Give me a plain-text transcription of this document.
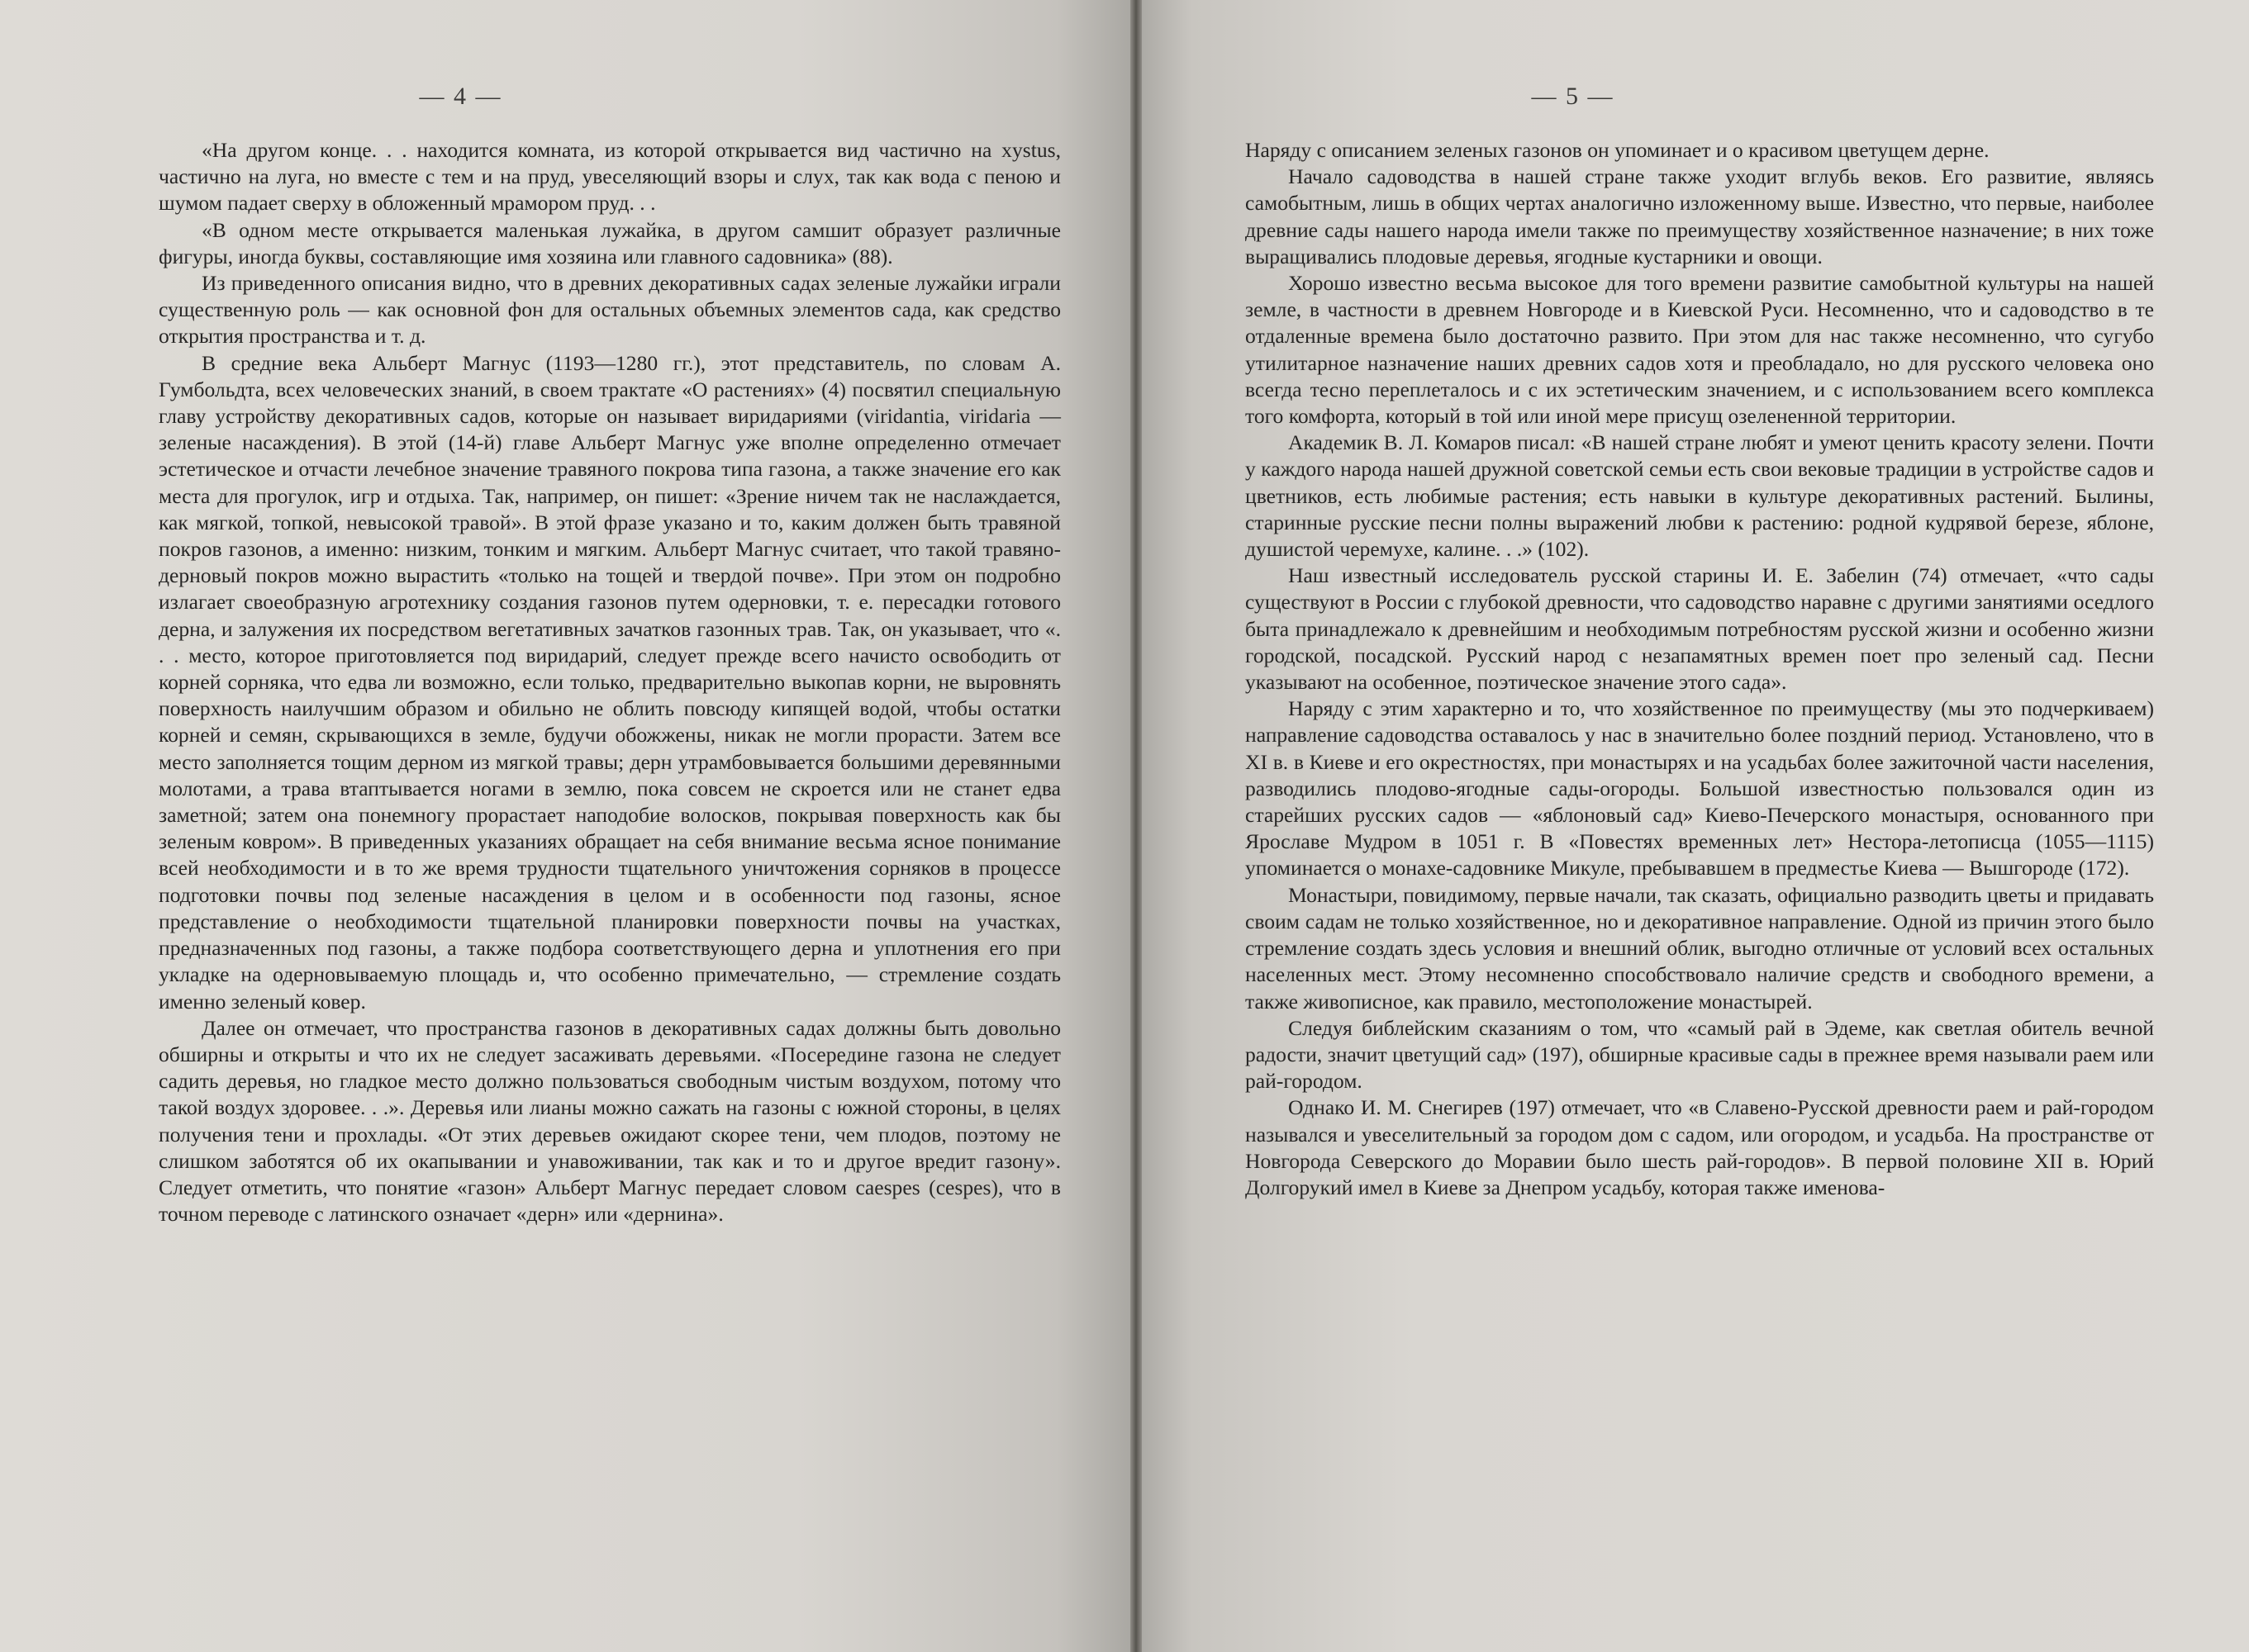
— 4 —

«На другом конце. . . находится комната, из которой открывается вид частично на xystus, частично на луга, но вместе с тем и на пруд, увеселяющий взоры и слух, так как вода с пеною и шумом падает сверху в обложенный мрамором пруд. . .

«В одном месте открывается маленькая лужайка, в другом самшит образует различные фигуры, иногда буквы, составляющие имя хозяина или главного садовника» (88).

Из приведенного описания видно, что в древних декоративных садах зеленые лужайки играли существенную роль — как основной фон для остальных объемных элементов сада, как средство открытия пространства и т. д.

В средние века Альберт Магнус (1193—1280 гг.), этот представитель, по словам А. Гумбольдта, всех человеческих знаний, в своем трактате «О растениях» (4) посвятил специальную главу устройству декоративных садов, которые он называет виридариями (viridantia, viridaria — зеленые насаждения). В этой (14-й) главе Альберт Магнус уже вполне определенно отмечает эстетическое и отчасти лечебное значение травяного покрова типа газона, а также значение его как места для прогулок, игр и отдыха. Так, например, он пишет: «Зрение ничем так не наслаждается, как мягкой, топкой, невысокой травой». В этой фразе указано и то, каким должен быть травяной покров газонов, а именно: низким, тонким и мягким. Альберт Магнус считает, что такой травяно-дерновый покров можно вырастить «только на тощей и твердой почве». При этом он подробно излагает своеобразную агротехнику создания газонов путем одерновки, т. е. пересадки готового дерна, и залужения их посредством вегетативных зачатков газонных трав. Так, он указывает, что «. . . место, которое приготовляется под виридарий, следует прежде всего начисто освободить от корней сорняка, что едва ли возможно, если только, предварительно выкопав корни, не выровнять поверхность наилучшим образом и обильно не облить повсюду кипящей водой, чтобы остатки корней и семян, скрывающихся в земле, будучи обожжены, никак не могли прорасти. Затем все место заполняется тощим дерном из мягкой травы; дерн утрамбовывается большими деревянными молотами, а трава втаптывается ногами в землю, пока совсем не скроется или не станет едва заметной; затем она понемногу прорастает наподобие волосков, покрывая поверхность как бы зеленым ковром». В приведенных указаниях обращает на себя внимание весьма ясное понимание всей необходимости и в то же время трудности тщательного уничтожения сорняков в процессе подготовки почвы под зеленые насаждения в целом и в особенности под газоны, ясное представление о необходимости тщательной планировки поверхности почвы на участках, предназначенных под газоны, а также подбора соответствующего дерна и уплотнения его при укладке на одерновываемую площадь и, что особенно примечательно, — стремление создать именно зеленый ковер.

Далее он отмечает, что пространства газонов в декоративных садах должны быть довольно обширны и открыты и что их не следует засаживать деревьями. «Посередине газона не следует садить деревья, но гладкое место должно пользоваться свободным чистым воздухом, потому что такой воздух здоровее. . .». Деревья или лианы можно сажать на газоны с южной стороны, в целях получения тени и прохлады. «От этих деревьев ожидают скорее тени, чем плодов, поэтому не слишком заботятся об их окапывании и унавоживании, так как и то и другое вредит газону». Следует отметить, что понятие «газон» Альберт Магнус передает словом caespes (cespes), что в точном переводе с латинского означает «дерн» или «дернина».

— 5 —

Наряду с описанием зеленых газонов он упоминает и о красивом цветущем дерне.

Начало садоводства в нашей стране также уходит вглубь веков. Его развитие, являясь самобытным, лишь в общих чертах аналогично изложенному выше. Известно, что первые, наиболее древние сады нашего народа имели также по преимуществу хозяйственное назначение; в них тоже выращивались плодовые деревья, ягодные кустарники и овощи.

Хорошо известно весьма высокое для того времени развитие самобытной культуры на нашей земле, в частности в древнем Новгороде и в Киевской Руси. Несомненно, что и садоводство в те отдаленные времена было достаточно развито. При этом для нас также несомненно, что сугубо утилитарное назначение наших древних садов хотя и преобладало, но для русского человека оно всегда тесно переплеталось и с их эстетическим значением, и с использованием всего комплекса того комфорта, который в той или иной мере присущ озелененной территории.

Академик В. Л. Комаров писал: «В нашей стране любят и умеют ценить красоту зелени. Почти у каждого народа нашей дружной советской семьи есть свои вековые традиции в устройстве садов и цветников, есть любимые растения; есть навыки в культуре декоративных растений. Былины, старинные русские песни полны выражений любви к растению: родной кудрявой березе, яблоне, душистой черемухе, калине. . .» (102).

Наш известный исследователь русской старины И. Е. Забелин (74) отмечает, «что сады существуют в России с глубокой древности, что садоводство наравне с другими занятиями оседлого быта принадлежало к древнейшим и необходимым потребностям русской жизни и особенно жизни городской, посадской. Русский народ с незапамятных времен поет про зеленый сад. Песни указывают на особенное, поэтическое значение этого сада».

Наряду с этим характерно и то, что хозяйственное по преимуществу (мы это подчеркиваем) направление садоводства оставалось у нас в значительно более поздний период. Установлено, что в XI в. в Киеве и его окрестностях, при монастырях и на усадьбах более зажиточной части населения, разводились плодово-ягодные сады-огороды. Большой известностью пользовался один из старейших русских садов — «яблоновый сад» Киево-Печерского монастыря, основанного при Ярославе Мудром в 1051 г. В «Повестях временных лет» Нестора-летописца (1055—1115) упоминается о монахе-садовнике Микуле, пребывавшем в предместье Киева — Вышгороде (172).

Монастыри, повидимому, первые начали, так сказать, официально разводить цветы и придавать своим садам не только хозяйственное, но и декоративное направление. Одной из причин этого было стремление создать здесь условия и внешний облик, выгодно отличные от условий всех остальных населенных мест. Этому несомненно способствовало наличие средств и свободного времени, а также живописное, как правило, местоположение монастырей.

Следуя библейским сказаниям о том, что «самый рай в Эдеме, как светлая обитель вечной радости, значит цветущий сад» (197), обширные красивые сады в прежнее время называли раем или рай-городом.

Однако И. М. Снегирев (197) отмечает, что «в Славено-Русской древности раем и рай-городом назывался и увеселительный за городом дом с садом, или огородом, и усадьба. На пространстве от Новгорода Северского до Моравии было шесть рай-городов». В первой половине XII в. Юрий Долгорукий имел в Киеве за Днепром усадьбу, которая также именова-
